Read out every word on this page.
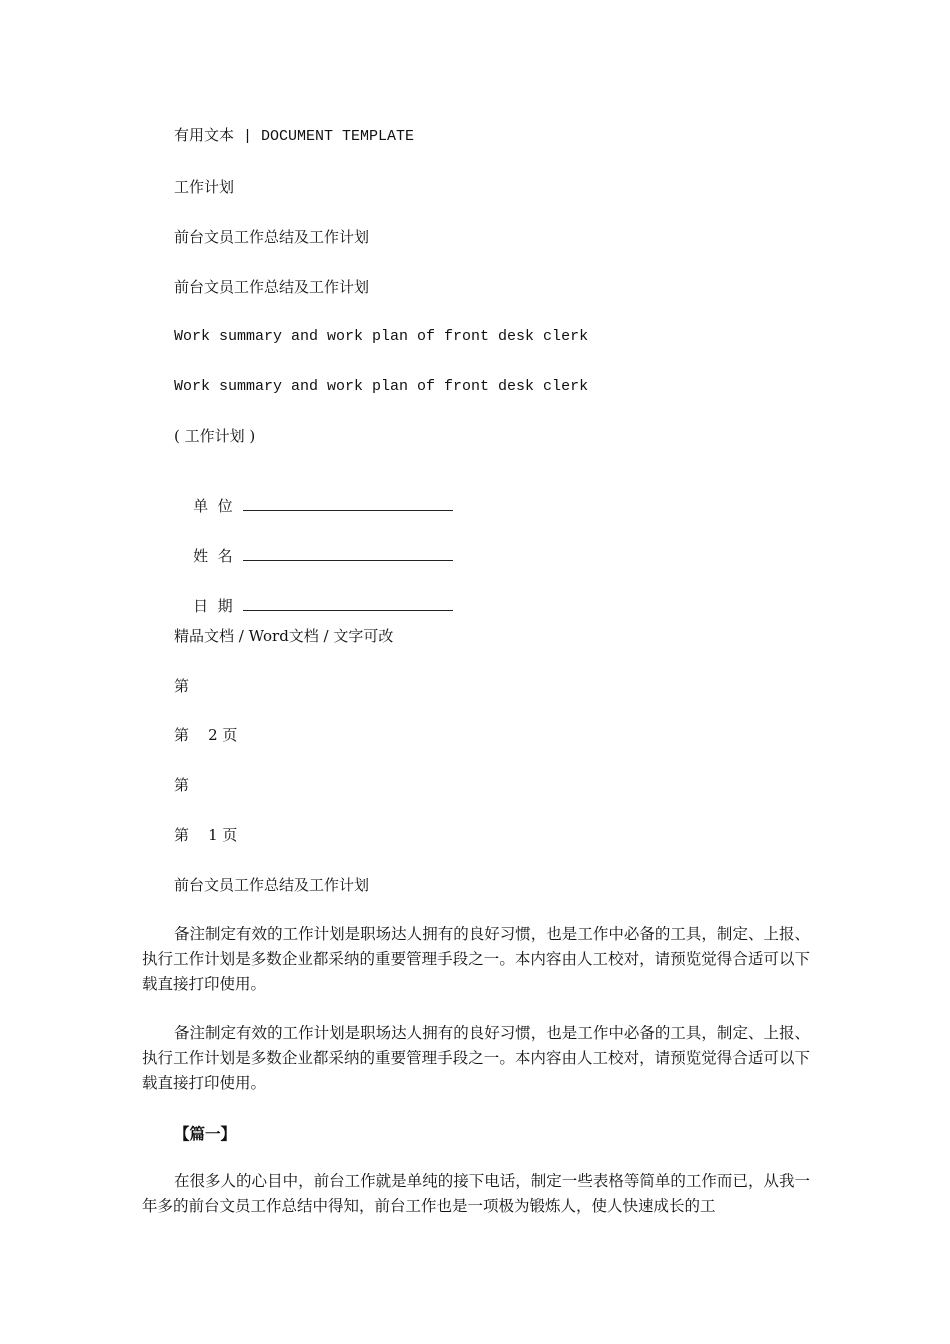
有用文本 | DOCUMENT TEMPLATE
工作计划
前台文员工作总结及工作计划
前台文员工作总结及工作计划
Work summary and work plan of front desk clerk
Work summary and work plan of front desk clerk
( 工作计划 )

单  位

姓  名

日  期

精品文档 / Word文档 / 文字可改
第
第    2 页
第
第    1 页
前台文员工作总结及工作计划
备注制定有效的工作计划是职场达人拥有的良好习惯，也是工作中必备的工具，制定、上报、执行工作计划是多数企业都采纳的重要管理手段之一。本内容由人工校对，请预览觉得合适可以下载直接打印使用。
备注制定有效的工作计划是职场达人拥有的良好习惯，也是工作中必备的工具，制定、上报、执行工作计划是多数企业都采纳的重要管理手段之一。本内容由人工校对，请预览觉得合适可以下载直接打印使用。
【篇一】
在很多人的心目中，前台工作就是单纯的接下电话，制定一些表格等简单的工作而已，从我一年多的前台文员工作总结中得知，前台工作也是一项极为锻炼人，使人快速成长的工
